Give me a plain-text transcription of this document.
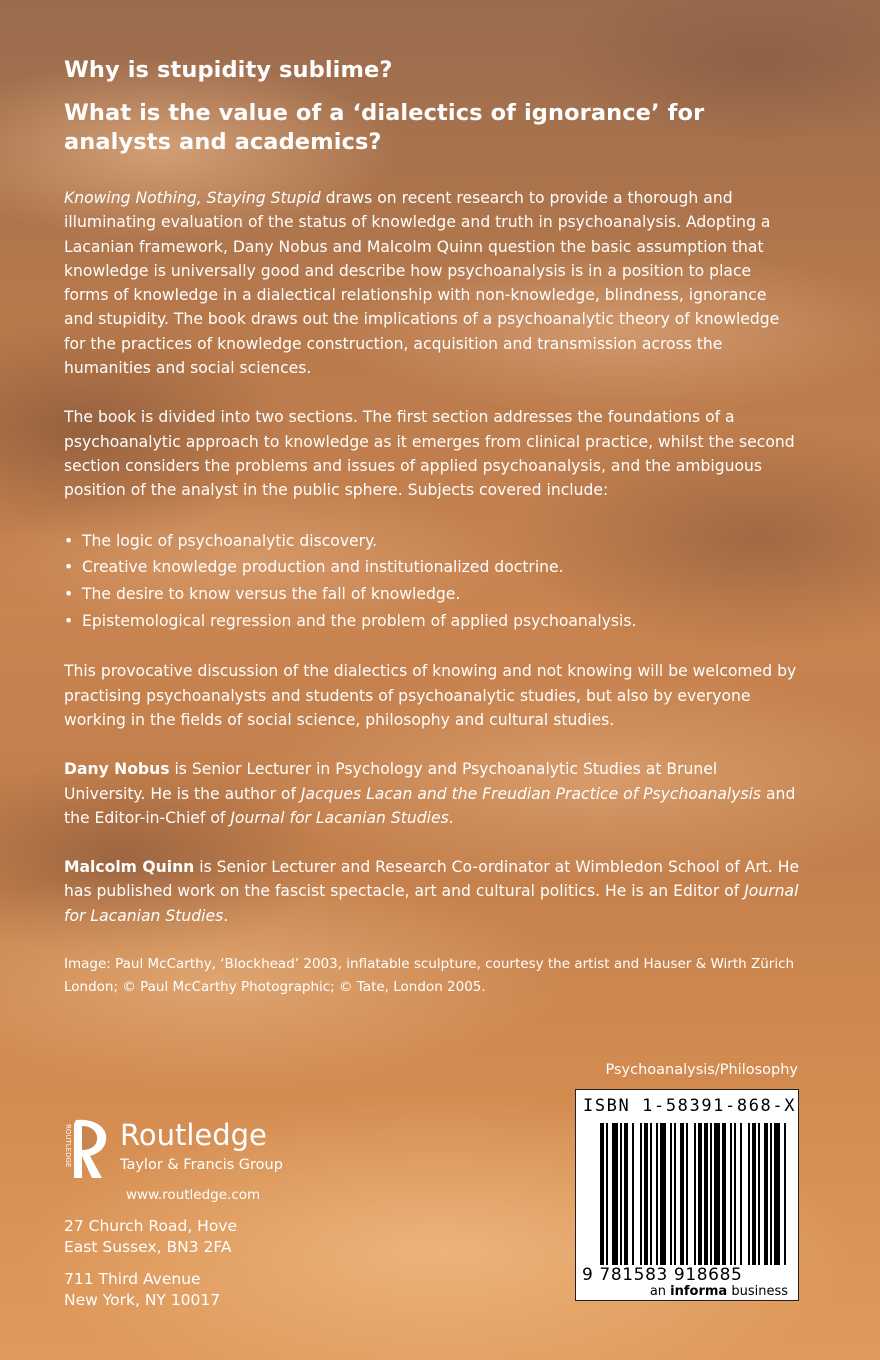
Why is stupidity sublime?
What is the value of a ‘dialectics of ignorance’ for analysts and academics?

Knowing Nothing, Staying Stupid draws on recent research to provide a thorough and illuminating evaluation of the status of knowledge and truth in psychoanalysis. Adopting a Lacanian framework, Dany Nobus and Malcolm Quinn question the basic assumption that knowledge is universally good and describe how psychoanalysis is in a position to place forms of knowledge in a dialectical relationship with non-knowledge, blindness, ignorance and stupidity. The book draws out the implications of a psychoanalytic theory of knowledge for the practices of knowledge construction, acquisition and transmission across the humanities and social sciences.

The book is divided into two sections. The first section addresses the foundations of a psychoanalytic approach to knowledge as it emerges from clinical practice, whilst the second section considers the problems and issues of applied psychoanalysis, and the ambiguous position of the analyst in the public sphere. Subjects covered include:

• The logic of psychoanalytic discovery.
• Creative knowledge production and institutionalized doctrine.
• The desire to know versus the fall of knowledge.
• Epistemological regression and the problem of applied psychoanalysis.

This provocative discussion of the dialectics of knowing and not knowing will be welcomed by practising psychoanalysts and students of psychoanalytic studies, but also by everyone working in the fields of social science, philosophy and cultural studies.

Dany Nobus is Senior Lecturer in Psychology and Psychoanalytic Studies at Brunel University. He is the author of Jacques Lacan and the Freudian Practice of Psychoanalysis and the Editor-in-Chief of Journal for Lacanian Studies.

Malcolm Quinn is Senior Lecturer and Research Co-ordinator at Wimbledon School of Art. He has published work on the fascist spectacle, art and cultural politics. He is an Editor of Journal for Lacanian Studies.

Image: Paul McCarthy, ‘Blockhead’ 2003, inflatable sculpture, courtesy the artist and Hauser & Wirth Zürich London; © Paul McCarthy Photographic; © Tate, London 2005.

Psychoanalysis/Philosophy
ISBN 1-58391-868-X
9 781583 918685
an informa business
ROUTLEDGE Routledge
Taylor & Francis Group
www.routledge.com
27 Church Road, Hove
East Sussex, BN3 2FA
711 Third Avenue
New York, NY 10017
